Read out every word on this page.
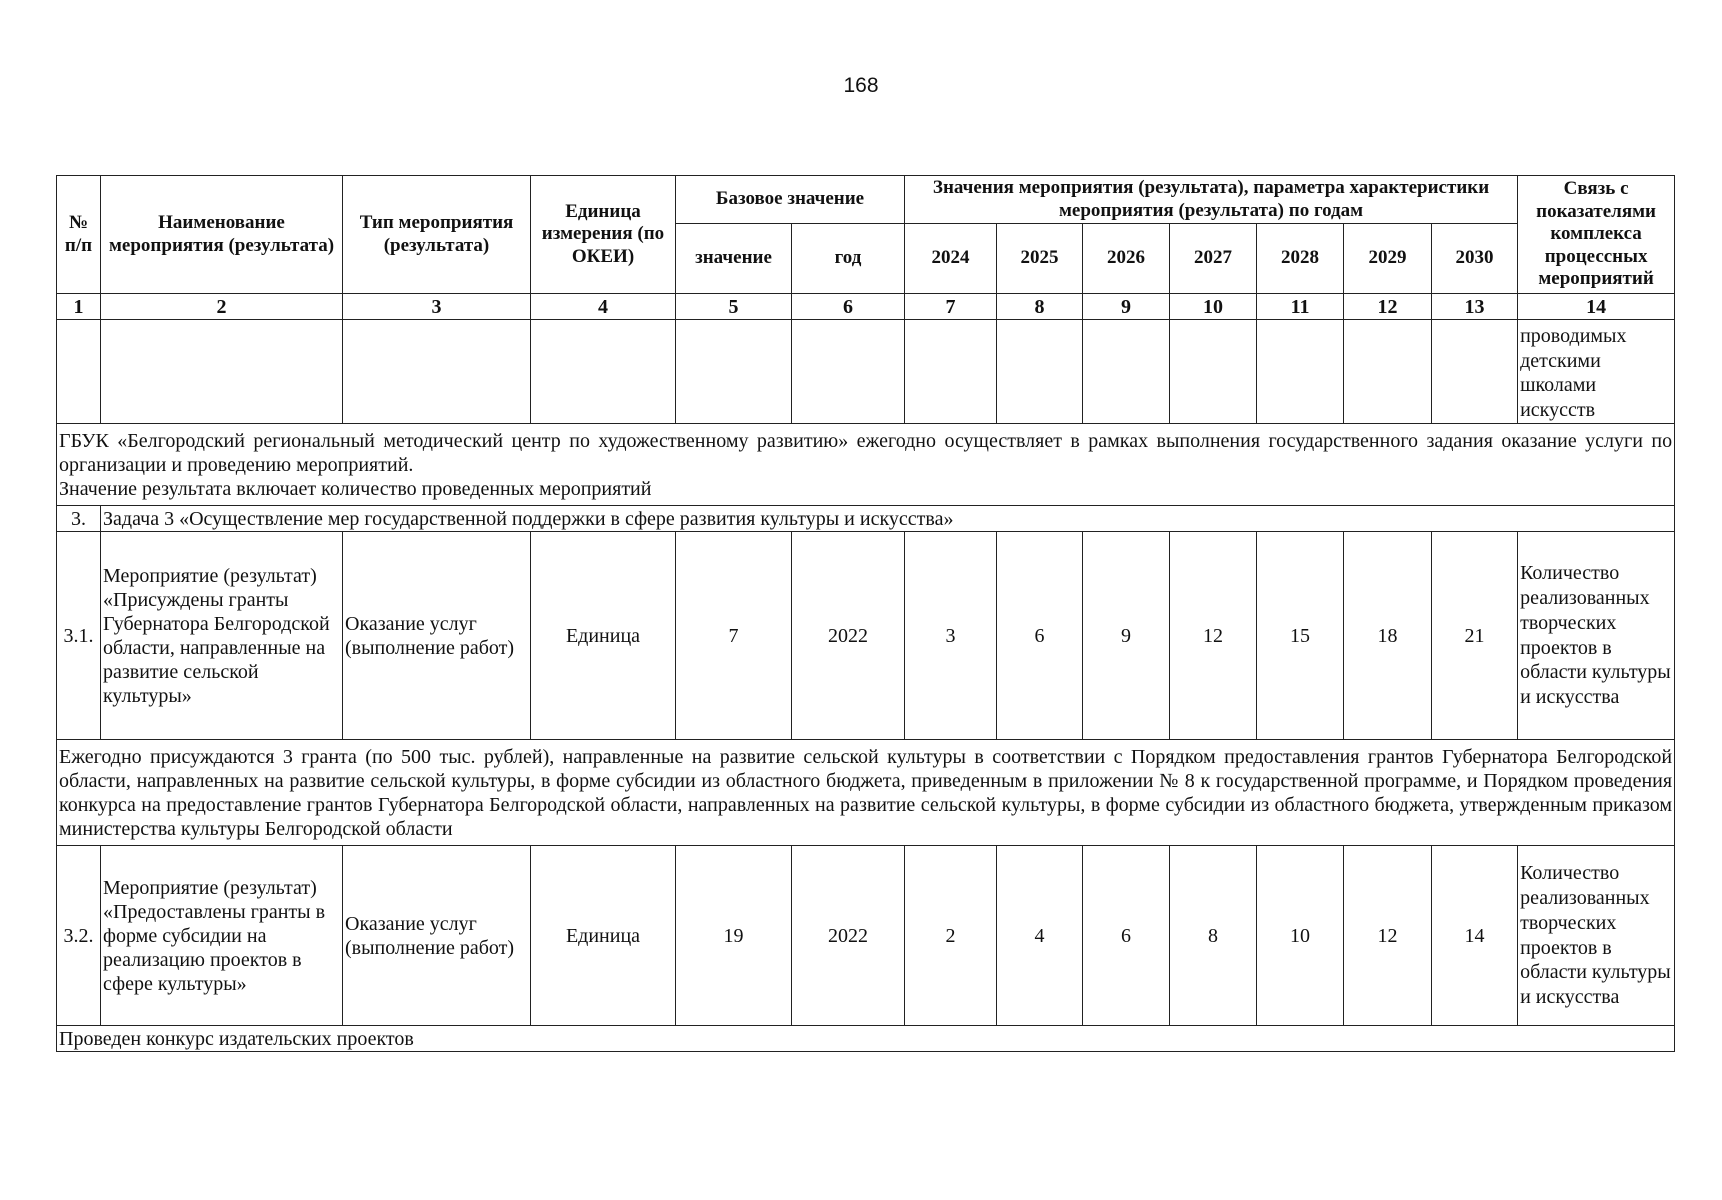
168
№ п/п	Наименование мероприятия (результата)	Тип мероприятия (результата)	Единица измерения (по ОКЕИ)	Базовое значение		Значения мероприятия (результата), параметра характеристики мероприятия (результата) по годам							Связь с показателями комплекса процессных мероприятий
				значение	год	2024	2025	2026	2027	2028	2029	2030	
1	2	3	4	5	6	7	8	9	10	11	12	13	14
													проводимых детскими школами искусств

ГБУК «Белгородский региональный методический центр по художественному развитию» ежегодно осуществляет в рамках выполнения государственного задания оказание услуги по организации и проведению мероприятий.
Значение результата включает количество проведенных мероприятий													

3.	Задача 3 «Осуществление мер государственной поддержки в сфере развития культуры и искусства»												
3.1.	Мероприятие (результат) «Присуждены гранты Губернатора Белгородской области, направленные на развитие сельской культуры»	Оказание услуг (выполнение работ)	Единица	7	2022	3	6	9	12	15	18	21	Количество реализованных творческих проектов в области культуры и искусства
Ежегодно присуждаются 3 гранта (по 500 тыс. рублей), направленные на развитие сельской культуры в соответствии с Порядком предоставления грантов Губернатора Белгородской области, направленных на развитие сельской культуры, в форме субсидии из областного бюджета, приведенным в приложении № 8 к государственной программе, и Порядком проведения конкурса на предоставление грантов Губернатора Белгородской области, направленных на развитие сельской культуры, в форме субсидии из областного бюджета, утвержденным приказом министерства культуры Белгородской области													
3.2.	Мероприятие (результат) «Предоставлены гранты в форме субсидии на реализацию проектов в сфере культуры»	Оказание услуг (выполнение работ)	Единица	19	2022	2	4	6	8	10	12	14	Количество реализованных творческих проектов в области культуры и искусства
Проведен конкурс издательских проектов													
